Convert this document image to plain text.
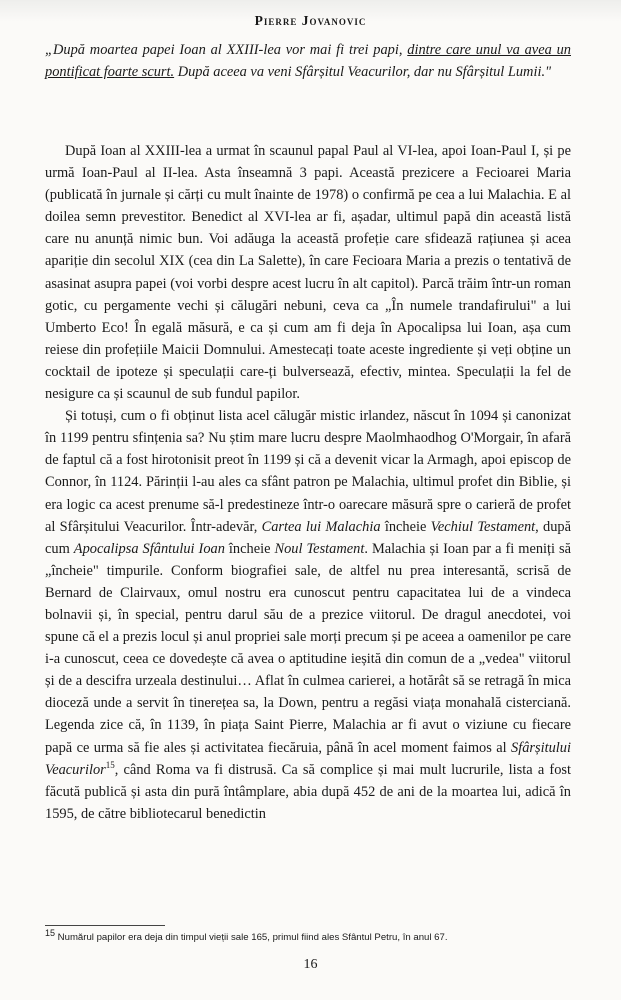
Pierre Jovanovic
„După moartea papei Ioan al XXIII-lea vor mai fi trei papi, dintre care unul va avea un pontificat foarte scurt. După aceea va veni Sfârșitul Veacurilor, dar nu Sfârșitul Lumii."

După Ioan al XXIII-lea a urmat în scaunul papal Paul al VI-lea, apoi Ioan-Paul I, și pe urmă Ioan-Paul al II-lea. Asta înseamnă 3 papi. Această prezicere a Fecioarei Maria (publicată în jurnale și cărți cu mult înainte de 1978) o confirmă pe cea a lui Malachia. E al doilea semn prevestitor. Benedict al XVI-lea ar fi, așadar, ultimul papă din această listă care nu anunță nimic bun. Voi adăuga la această profeție care sfidează rațiunea și acea apariție din secolul XIX (cea din La Salette), în care Fecioara Maria a prezis o tentativă de asasinat asupra papei (voi vorbi despre acest lucru în alt capitol). Parcă trăim într-un roman gotic, cu pergamente vechi și călugări nebuni, ceva ca „În numele trandafirului" a lui Umberto Eco! În egală măsură, e ca și cum am fi deja în Apocalipsa lui Ioan, așa cum reiese din profețiile Maicii Domnului. Amestecați toate aceste ingrediente și veți obține un cocktail de ipoteze și speculații care-ți bulversează, efectiv, mintea. Speculații la fel de nesigure ca și scaunul de sub fundul papilor.

Și totuși, cum o fi obținut lista acel călugăr mistic irlandez, născut în 1094 și canonizat în 1199 pentru sfințenia sa? Nu știm mare lucru despre Maolmhaodhog O'Morgair, în afară de faptul că a fost hirotonisit preot în 1199 și că a devenit vicar la Armagh, apoi episcop de Connor, în 1124. Părinții l-au ales ca sfânt patron pe Malachia, ultimul profet din Biblie, și era logic ca acest prenume să-l predestineze într-o oarecare măsură spre o carieră de profet al Sfârșitului Veacurilor. Într-adevăr, Cartea lui Malachia încheie Vechiul Testament, după cum Apocalipsa Sfântului Ioan încheie Noul Testament. Malachia și Ioan par a fi meniți să „încheie" timpurile. Conform biografiei sale, de altfel nu prea interesantă, scrisă de Bernard de Clairvaux, omul nostru era cunoscut pentru capacitatea lui de a vindeca bolnavii și, în special, pentru darul său de a prezice viitorul. De dragul anecdotei, voi spune că el a prezis locul și anul propriei sale morți precum și pe aceea a oamenilor pe care i-a cunoscut, ceea ce dovedește că avea o aptitudine ieșită din comun de a „vedea" viitorul și de a descifra urzeala destinului… Aflat în culmea carierei, a hotărât să se retragă în mica dioceză unde a servit în tinerețea sa, la Down, pentru a regăsi viața monahală cisterciană. Legenda zice că, în 1139, în piața Saint Pierre, Malachia ar fi avut o viziune cu fiecare papă ce urma să fie ales și activitatea fiecăruia, până în acel moment faimos al Sfârșitului Veacurilor$^{15}$, când Roma va fi distrusă. Ca să complice și mai mult lucrurile, lista a fost făcută publică și asta din pură întâmplare, abia după 452 de ani de la moartea lui, adică în 1595, de către bibliotecarul benedictin

15 Numărul papilor era deja din timpul vieții sale 165, primul fiind ales Sfântul Petru, în anul 67.
16
